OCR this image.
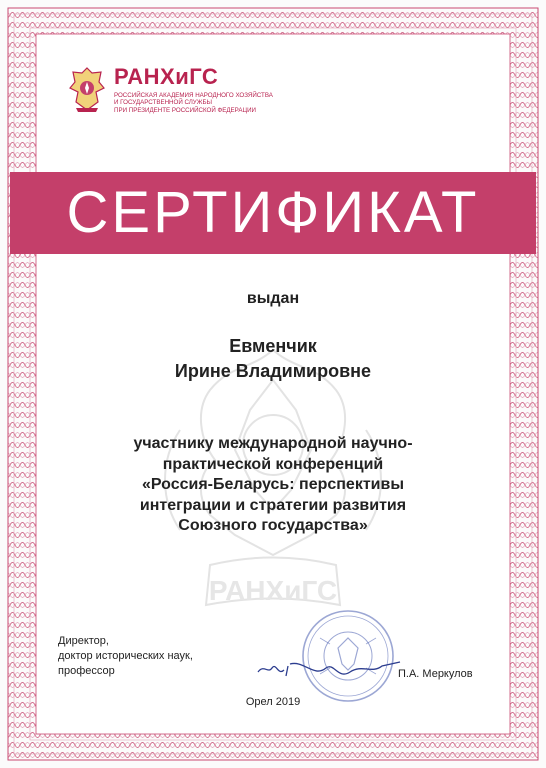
РАНХиГС
РАНХиГС
РОССИЙСКАЯ АКАДЕМИЯ НАРОДНОГО ХОЗЯЙСТВА
И ГОСУДАРСТВЕННОЙ СЛУЖБЫ
ПРИ ПРЕЗИДЕНТЕ РОССИЙСКОЙ ФЕДЕРАЦИИ
СЕРТИФИКАТ
выдан
Евменчик
Ирине Владимировне
участнику международной научно-
практической конференций
«Россия-Беларусь: перспективы
интеграции и стратегии развития
Союзного государства»
Директор,
доктор исторических наук,
профессор	П.А. Меркулов
Орел 2019
